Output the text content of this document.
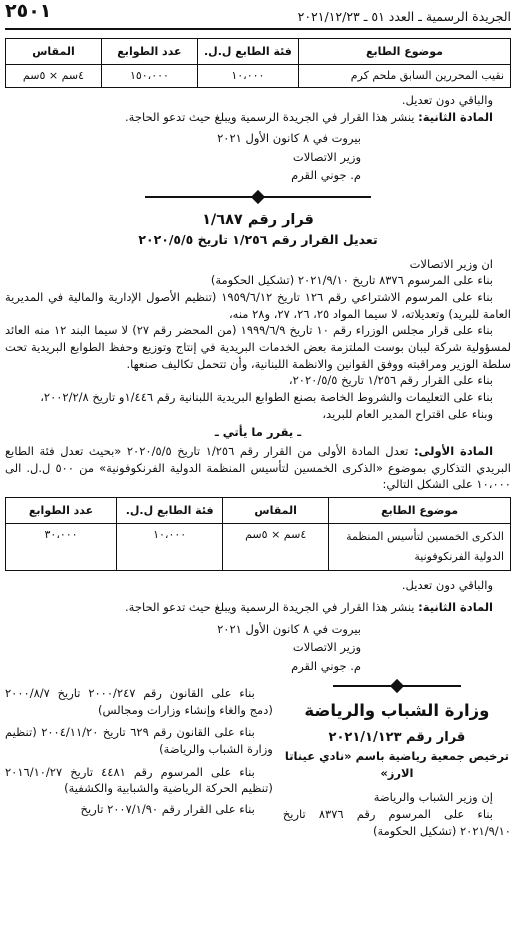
الجريدة الرسمية ـ العدد ٥١ ـ ٢٠٢١/١٢/٢٣
٢٥٠١
موضوع الطابع	فئة الطابع ل.ل.	عدد الطوابع	المقاس
نقيب المحررين السابق ملحم كرم	١٠،٠٠٠	١٥٠،٠٠٠	٤سم × ٥سم
والباقي دون تعديل.
المادة الثانية: ينشر هذا القرار في الجريدة الرسمية ويبلغ حيث تدعو الحاجة.
بيروت في ٨ كانون الأول ٢٠٢١
وزير الاتصالات
م. جوني القرم
قرار رقم ١/٦٨٧
تعديل القرار رقم ١/٢٥٦ تاريخ ٢٠٢٠/٥/٥
ان وزير الاتصالات
بناء على المرسوم ٨٣٧٦ تاريخ ٢٠٢١/٩/١٠ (تشكيل الحكومة)
بناء على المرسوم الاشتراعي رقم ١٢٦ تاريخ ١٩٥٩/٦/١٢ (تنظيم الأصول الإدارية والمالية في المديرية العامة للبريد) وتعديلاته، لا سيما المواد ٢٥، ٢٦، ٢٧، و٢٨ منه،
بناء على قرار مجلس الوزراء رقم ١٠ تاريخ ١٩٩٩/٦/٩ (من المحضر رقم ٢٧) لا سيما البند ١٢ منه العائد لمسؤولية شركة ليبان بوست الملتزمة بعض الخدمات البريدية في إنتاج وتوزيع وحفظ الطوابع البريدية تحت سلطة الوزير ومراقبته ووفق القوانين والانظمة اللبنانية، وأن تتحمل تكاليف صنعها.
بناء على القرار رقم ١/٢٥٦ تاريخ ٢٠٢٠/٥/٥،
بناء على التعليمات والشروط الخاصة بصنع الطوابع البريدية اللبنانية رقم ١/٤٤٦و تاريخ ٢٠٠٢/٢/٨،
وبناء على اقتراح المدير العام للبريد،
ـ يقرر ما يأتي ـ
المادة الأولى: تعدل المادة الأولى من القرار رقم ١/٢٥٦ تاريخ ٢٠٢٠/٥/٥ «بحيث تعدل فئة الطابع البريدي التذكاري بموضوع «الذكرى الخمسين لتأسيس المنظمة الدولية الفرنكوفونية» من ٥٠٠ ل.ل. الى ١٠،٠٠٠ على الشكل التالي:
موضوع الطابع	المقاس	فئة الطابع ل.ل.	عدد الطوابع
الذكرى الخمسين لتأسيس المنظمة الدولية الفرنكوفونية	٤سم × ٥سم	١٠،٠٠٠	٣٠،٠٠٠
والباقي دون تعديل.
المادة الثانية: ينشر هذا القرار في الجريدة الرسمية ويبلغ حيث تدعو الحاجة.
بيروت في ٨ كانون الأول ٢٠٢١
وزير الاتصالات
م. جوني القرم
وزارة الشباب والرياضة
قرار رقم ٢٠٢١/١/١٢٣
ترخيص جمعية رياضية باسم «نادي عيناتا الارز»
إن وزير الشباب والرياضة
بناء على المرسوم رقم ٨٣٧٦ تاريخ ٢٠٢١/٩/١٠ (تشكيل الحكومة)
بناء على القانون رقم ٢٠٠٠/٢٤٧ تاريخ ٢٠٠٠/٨/٧ (دمج والغاء وإنشاء وزارات ومجالس)
بناء على القانون رقم ٦٢٩ تاريخ ٢٠٠٤/١١/٢٠ (تنظيم وزارة الشباب والرياضة)
بناء على المرسوم رقم ٤٤٨١ تاريخ ٢٠١٦/١٠/٢٧ (تنظيم الحركة الرياضية والشبابية والكشفية)
بناء على القرار رقم ٢٠٠٧/١/٩٠ تاريخ
